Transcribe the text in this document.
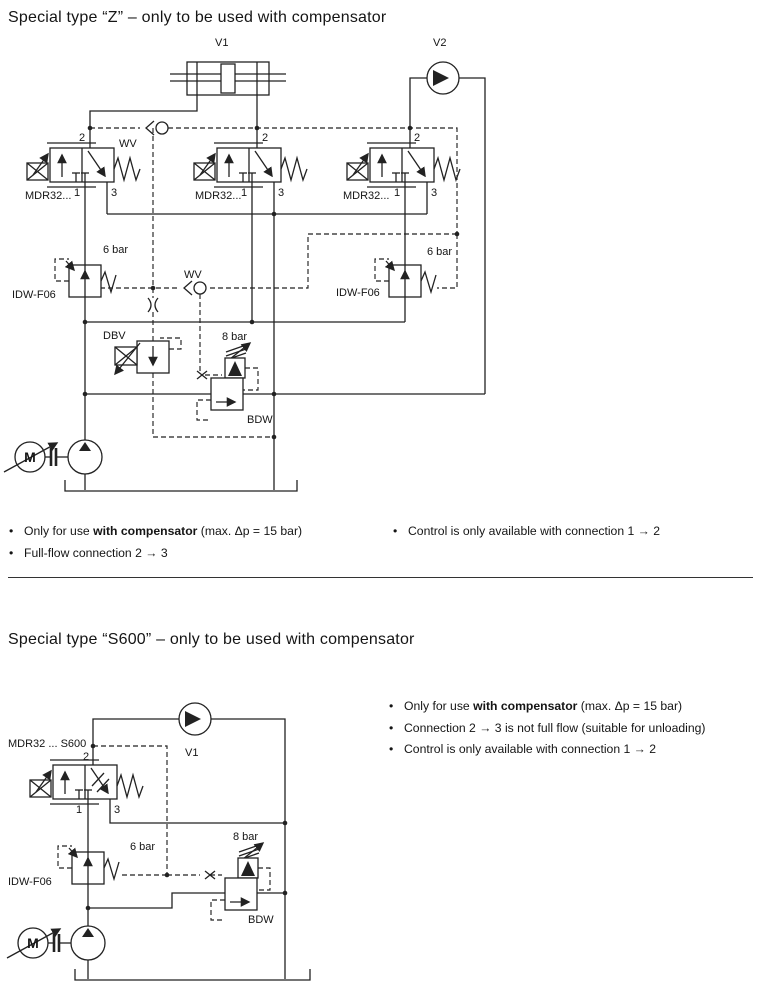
Special type “Z” – only to be used with compensator
• Only for use with compensator (max. Δp = 15 bar)
• Full-flow connection 2 → 3
• Control is only available with connection 1 → 2
Special type “S600” – only to be used with compensator
• Only for use with compensator (max. Δp = 15 bar)
• Connection 2 → 3 is not full flow (suitable for unloading)
• Control is only available with connection 1 → 2
V1	V2
WV
WV
2	2	2
1	3	1	3	1	3
MDR32...	MDR32...	MDR32...
6 bar	6 bar
IDW-F06	IDW-F06
DBV	8 bar
BDW
M
MDR32 ... S600
V1
2
1	3
6 bar
8 bar
IDW-F06
BDW
M
